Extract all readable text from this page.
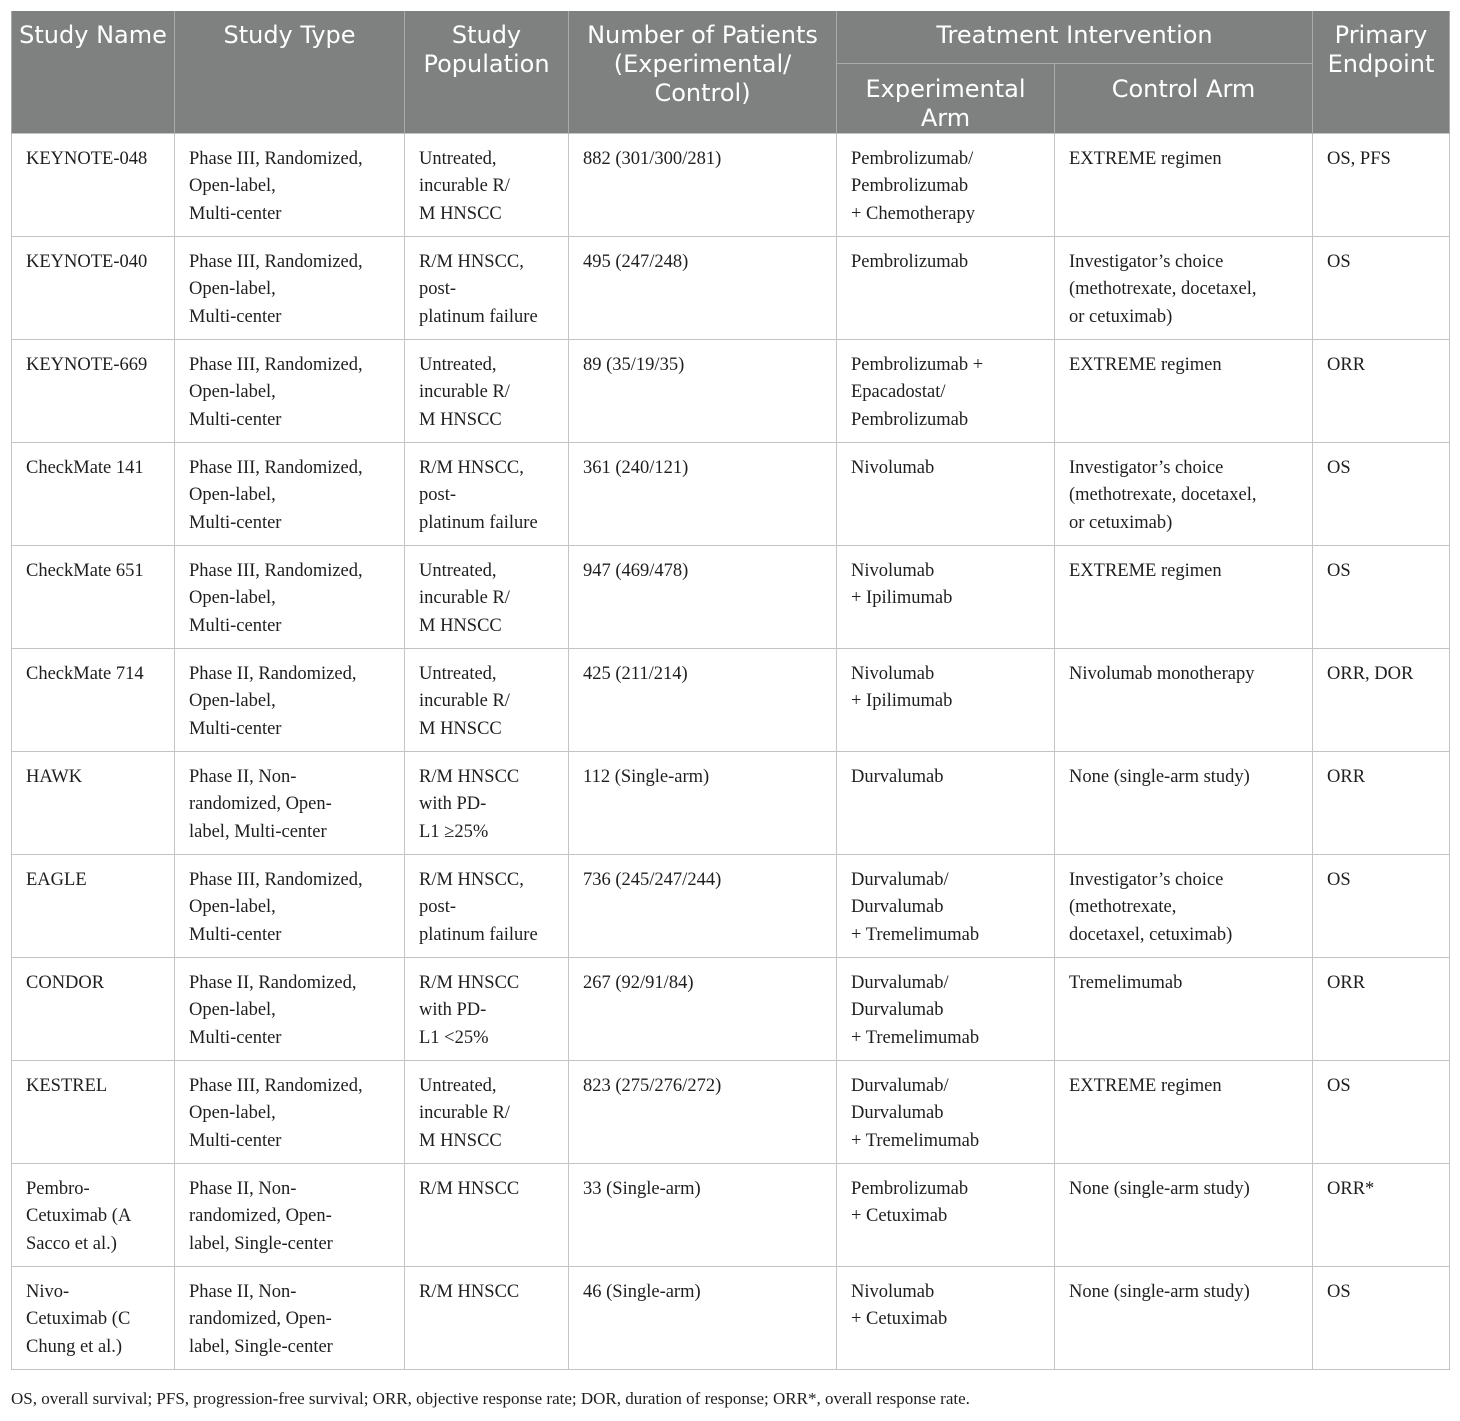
Study Name	Study Type	Study Population	Number of Patients (Experimental/ Control)	Treatment Intervention		Primary Endpoint
				Experimental Arm	Control Arm	

KEYNOTE-048	Phase III, Randomized,
Open-label,
Multi-center	Untreated,
incurable R/
M HNSCC	882 (301/300/281)	Pembrolizumab/
Pembrolizumab
+ Chemotherapy	EXTREME regimen	OS, PFS

KEYNOTE-040	Phase III, Randomized,
Open-label,
Multi-center	R/M HNSCC,
post-
platinum failure	495 (247/248)	Pembrolizumab	Investigator’s choice
(methotrexate, docetaxel,
or cetuximab)	OS

KEYNOTE-669	Phase III, Randomized,
Open-label,
Multi-center	Untreated,
incurable R/
M HNSCC	89 (35/19/35)	Pembrolizumab +
Epacadostat/
Pembrolizumab	EXTREME regimen	ORR

CheckMate 141	Phase III, Randomized,
Open-label,
Multi-center	R/M HNSCC,
post-
platinum failure	361 (240/121)	Nivolumab	Investigator’s choice
(methotrexate, docetaxel,
or cetuximab)	OS

CheckMate 651	Phase III, Randomized,
Open-label,
Multi-center	Untreated,
incurable R/
M HNSCC	947 (469/478)	Nivolumab
+ Ipilimumab	EXTREME regimen	OS

CheckMate 714	Phase II, Randomized,
Open-label,
Multi-center	Untreated,
incurable R/
M HNSCC	425 (211/214)	Nivolumab
+ Ipilimumab	Nivolumab monotherapy	ORR, DOR

HAWK	Phase II, Non-
randomized, Open-
label, Multi-center	R/M HNSCC
with PD-
L1 ≥25%	112 (Single-arm)	Durvalumab	None (single-arm study)	ORR

EAGLE	Phase III, Randomized,
Open-label,
Multi-center	R/M HNSCC,
post-
platinum failure	736 (245/247/244)	Durvalumab/
Durvalumab
+ Tremelimumab	Investigator’s choice
(methotrexate,
docetaxel, cetuximab)	OS

CONDOR	Phase II, Randomized,
Open-label,
Multi-center	R/M HNSCC
with PD-
L1 <25%	267 (92/91/84)	Durvalumab/
Durvalumab
+ Tremelimumab	Tremelimumab	ORR

KESTREL	Phase III, Randomized,
Open-label,
Multi-center	Untreated,
incurable R/
M HNSCC	823 (275/276/272)	Durvalumab/
Durvalumab
+ Tremelimumab	EXTREME regimen	OS

Pembro-
Cetuximab (A
Sacco et al.)	Phase II, Non-
randomized, Open-
label, Single-center	R/M HNSCC	33 (Single-arm)	Pembrolizumab
+ Cetuximab	None (single-arm study)	ORR*

Nivo-
Cetuximab (C
Chung et al.)	Phase II, Non-
randomized, Open-
label, Single-center	R/M HNSCC	46 (Single-arm)	Nivolumab
+ Cetuximab	None (single-arm study)	OS
OS, overall survival; PFS, progression-free survival; ORR, objective response rate; DOR, duration of response; ORR*, overall response rate.
